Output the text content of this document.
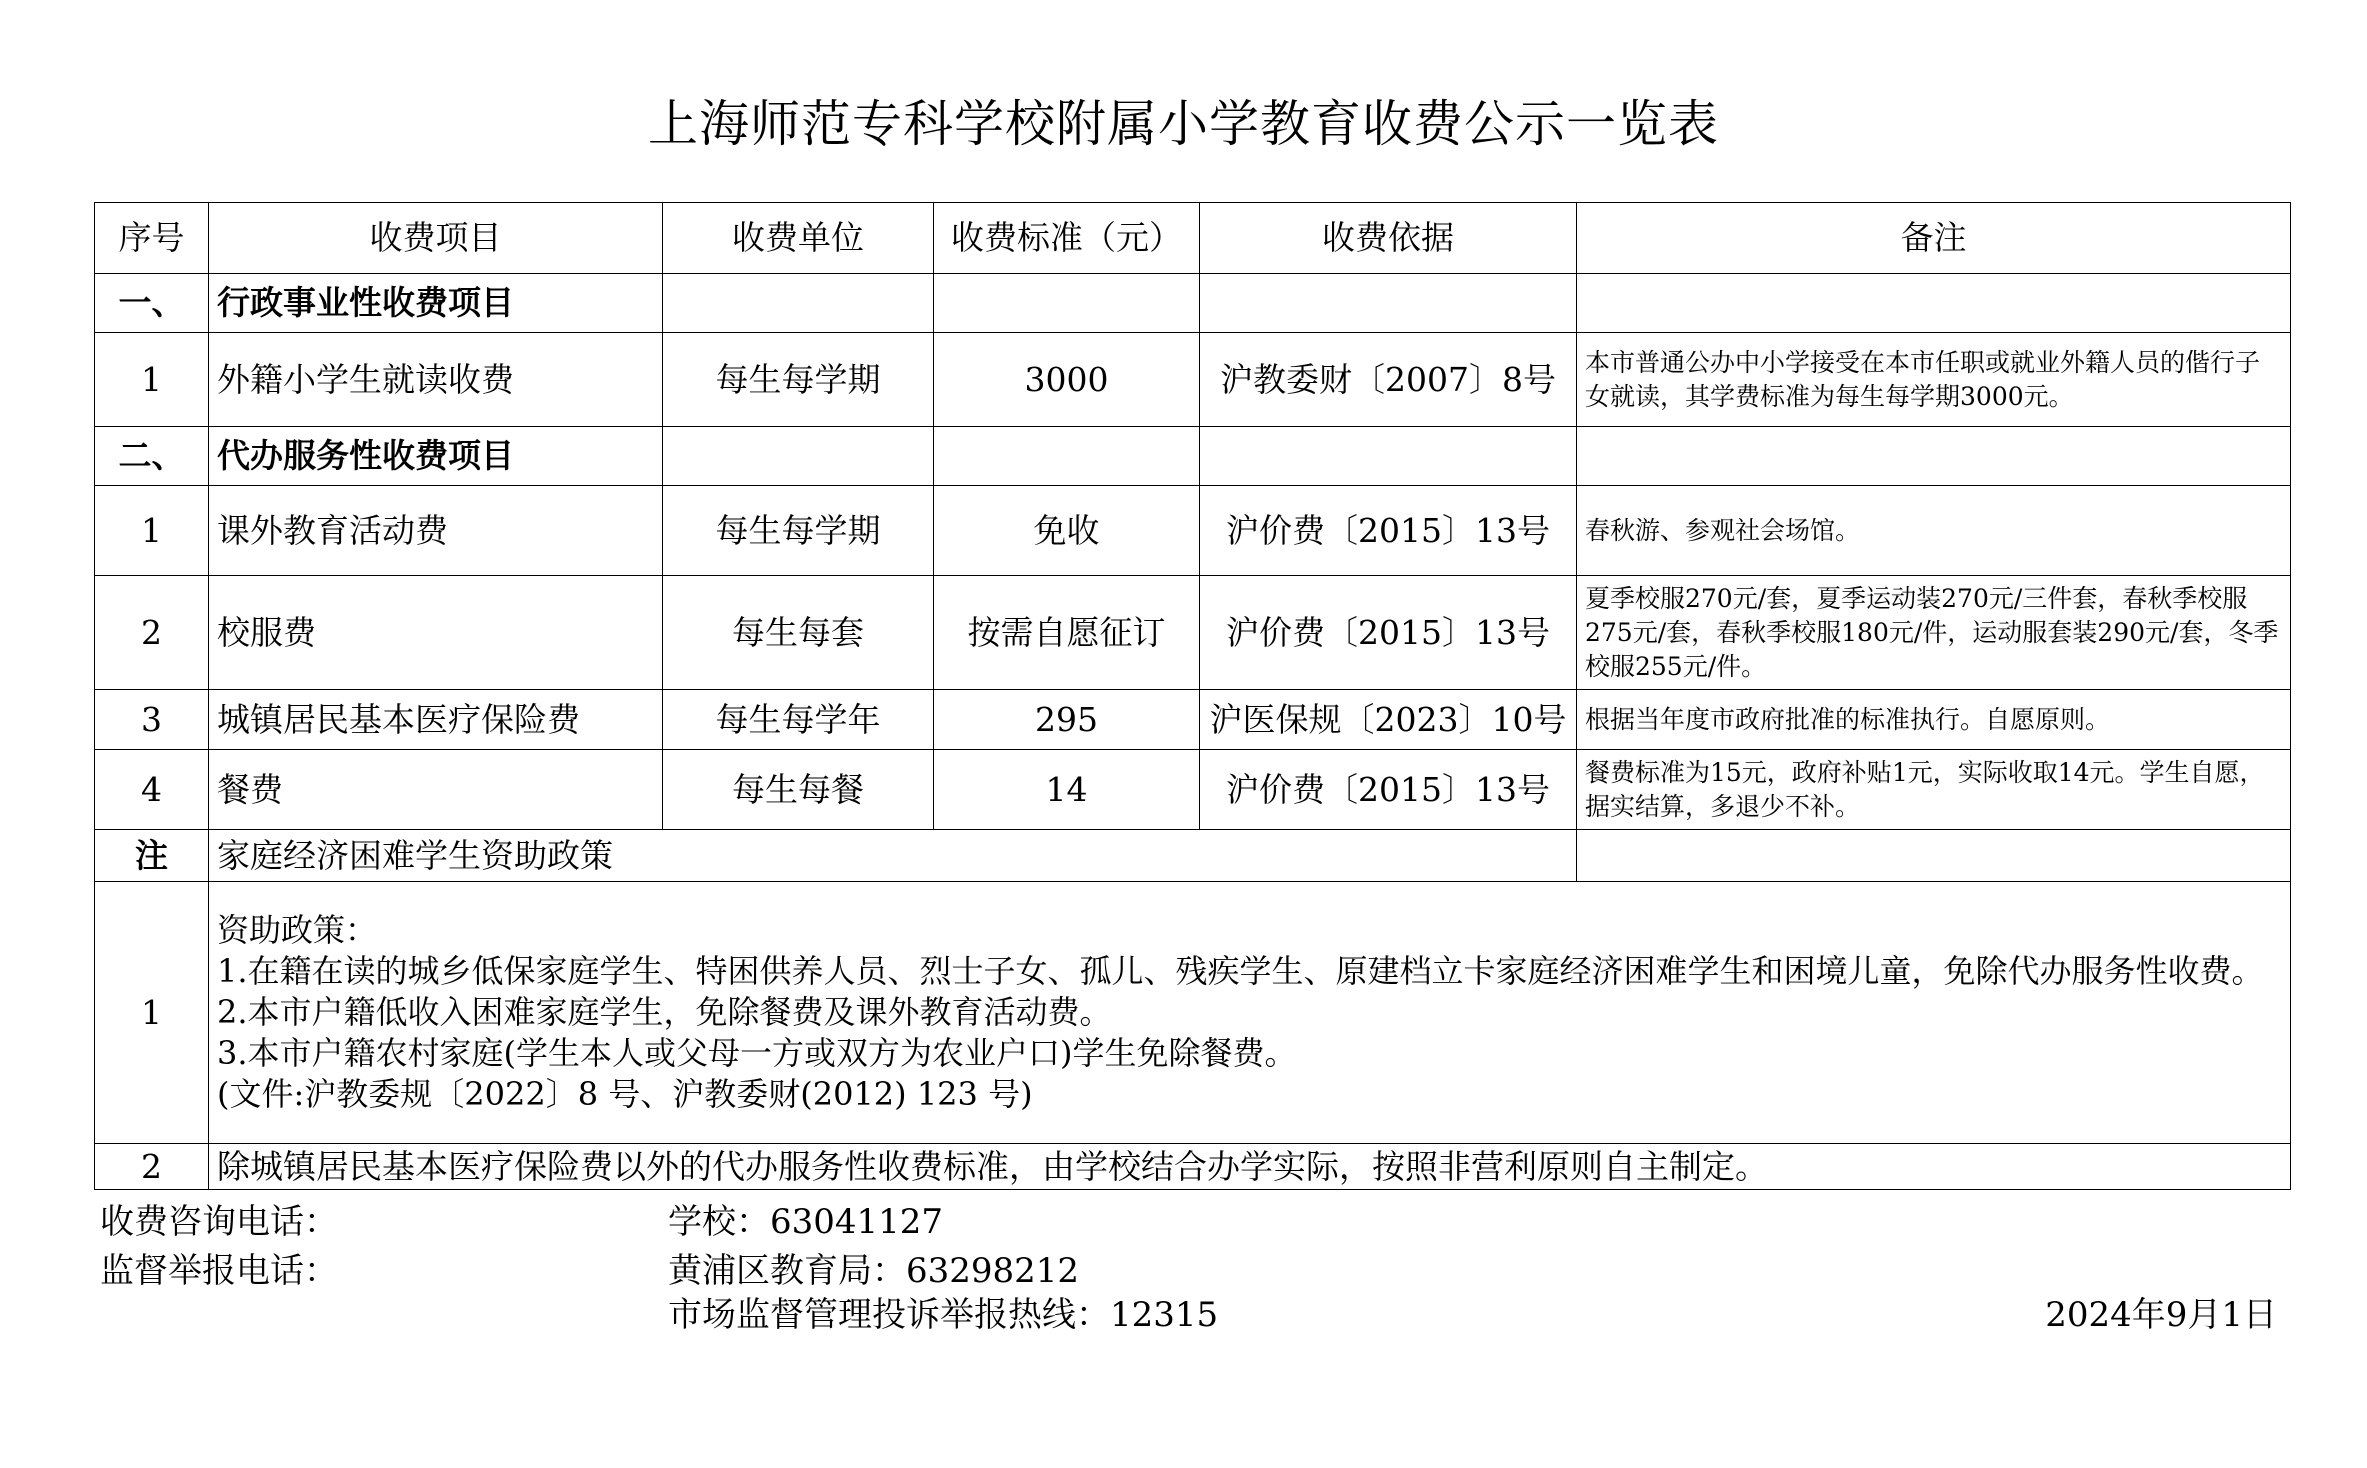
上海师范专科学校附属小学教育收费公示一览表
序号	收费项目	收费单位	收费标准（元）	收费依据	备注
一、	行政事业性收费项目				
1	外籍小学生就读收费	每生每学期	3000	沪教委财〔2007〕8号	本市普通公办中小学接受在本市任职或就业外籍人员的偕行子女就读，其学费标准为每生每学期3000元。
二、	代办服务性收费项目				
1	课外教育活动费	每生每学期	免收	沪价费〔2015〕13号	春秋游、参观社会场馆。
2	校服费	每生每套	按需自愿征订	沪价费〔2015〕13号	夏季校服270元/套，夏季运动装270元/三件套，春秋季校服275元/套，春秋季校服180元/件，运动服套装290元/套，冬季校服255元/件。
3	城镇居民基本医疗保险费	每生每学年	295	沪医保规〔2023〕10号	根据当年度市政府批准的标准执行。自愿原则。
4	餐费	每生每餐	14	沪价费〔2015〕13号	餐费标准为15元，政府补贴1元，实际收取14元。学生自愿，据实结算，多退少不补。
注	家庭经济困难学生资助政策				
1	资助政策：
1.在籍在读的城乡低保家庭学生、特困供养人员、烈士子女、孤儿、残疾学生、原建档立卡家庭经济困难学生和困境儿童，免除代办服务性收费。
2.本市户籍低收入困难家庭学生，免除餐费及课外教育活动费。
3.本市户籍农村家庭(学生本人或父母一方或双方为农业户口)学生免除餐费。
(文件:沪教委规〔2022〕8 号、沪教委财(2012) 123 号)				

2	除城镇居民基本医疗保险费以外的代办服务性收费标准，由学校结合办学实际，按照非营利原则自主制定。				
收费咨询电话：	学校：63041127
监督举报电话：	黄浦区教育局：63298212
市场监督管理投诉举报热线：12315	2024年9月1日
